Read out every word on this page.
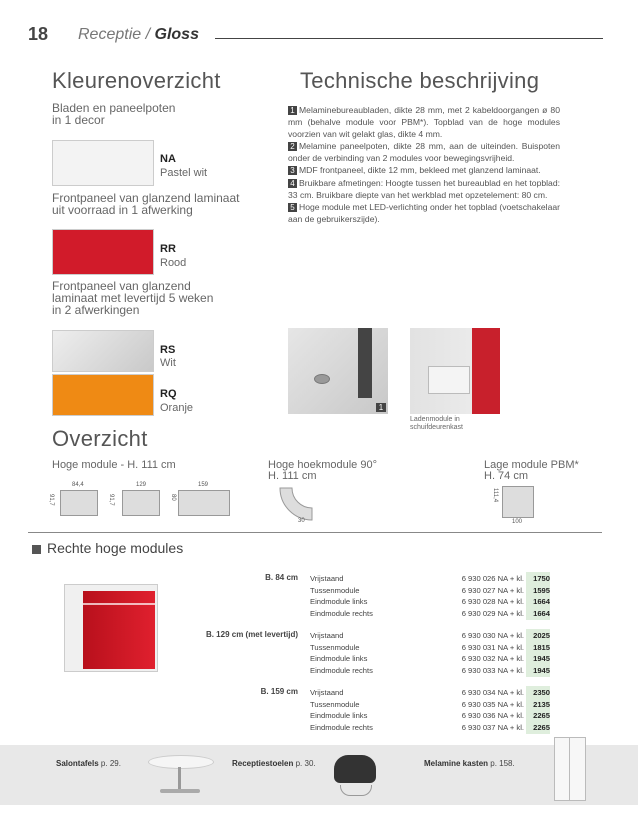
18 Receptie / Gloss
Kleurenoverzicht
Bladen en paneelpoten
in 1 decor
NA
Pastel wit
Frontpaneel van glanzend laminaat
uit voorraad in 1 afwerking
RR
Rood
Frontpaneel van glanzend
laminaat met levertijd 5 weken
in 2 afwerkingen
RS
Wit
RQ
Oranje
Technische beschrijving

1 Melaminebureaubladen, dikte 28 mm, met 2 kabeldoorgangen ø 80 mm (behalve module voor PBM*). Topblad van de hoge modules voorzien van wit gelakt glas, dikte 4 mm.

2 Melamine paneelpoten, dikte 28 mm, aan de uiteinden. Buispoten onder de verbinding van 2 modules voor bewegingsvrijheid.

3 MDF frontpaneel, dikte 12 mm, bekleed met glanzend laminaat.

4 Bruikbare afmetingen: Hoogte tussen het bureaublad en het topblad: 33 cm. Bruikbare diepte van het werkblad met opzetelement: 80 cm.

5 Hoge module met LED-verlichting onder het topblad (voetschakelaar aan de gebruikerszijde).

1
Ladenmodule in
schuifdeurenkast
Overzicht
Hoge module - H. 111 cm	Hoge hoekmodule 90°
H. 111 cm
Lage module PBM*
H. 74 cm
84,4
91,7
129
91,7
159
80
30
111,4
100
Rechte hoge modules
B. 84 cm Vrijstaand	6 930 026 NA + kl.	1750
Tussenmodule	6 930 027 NA + kl.	1595
Eindmodule links	6 930 028 NA + kl.	1664
Eindmodule rechts	6 930 029 NA + kl.	1664
B. 129 cm (met levertijd) Vrijstaand	6 930 030 NA + kl.	2025
Tussenmodule	6 930 031 NA + kl.	1815
Eindmodule links	6 930 032 NA + kl.	1945
Eindmodule rechts	6 930 033 NA + kl.	1945
B. 159 cm Vrijstaand	6 930 034 NA + kl.	2350
Tussenmodule	6 930 035 NA + kl.	2135
Eindmodule links	6 930 036 NA + kl.	2265
Eindmodule rechts	6 930 037 NA + kl.	2265
Salontafels p. 29.	Receptiestoelen p. 30.	Melamine kasten p. 158.
